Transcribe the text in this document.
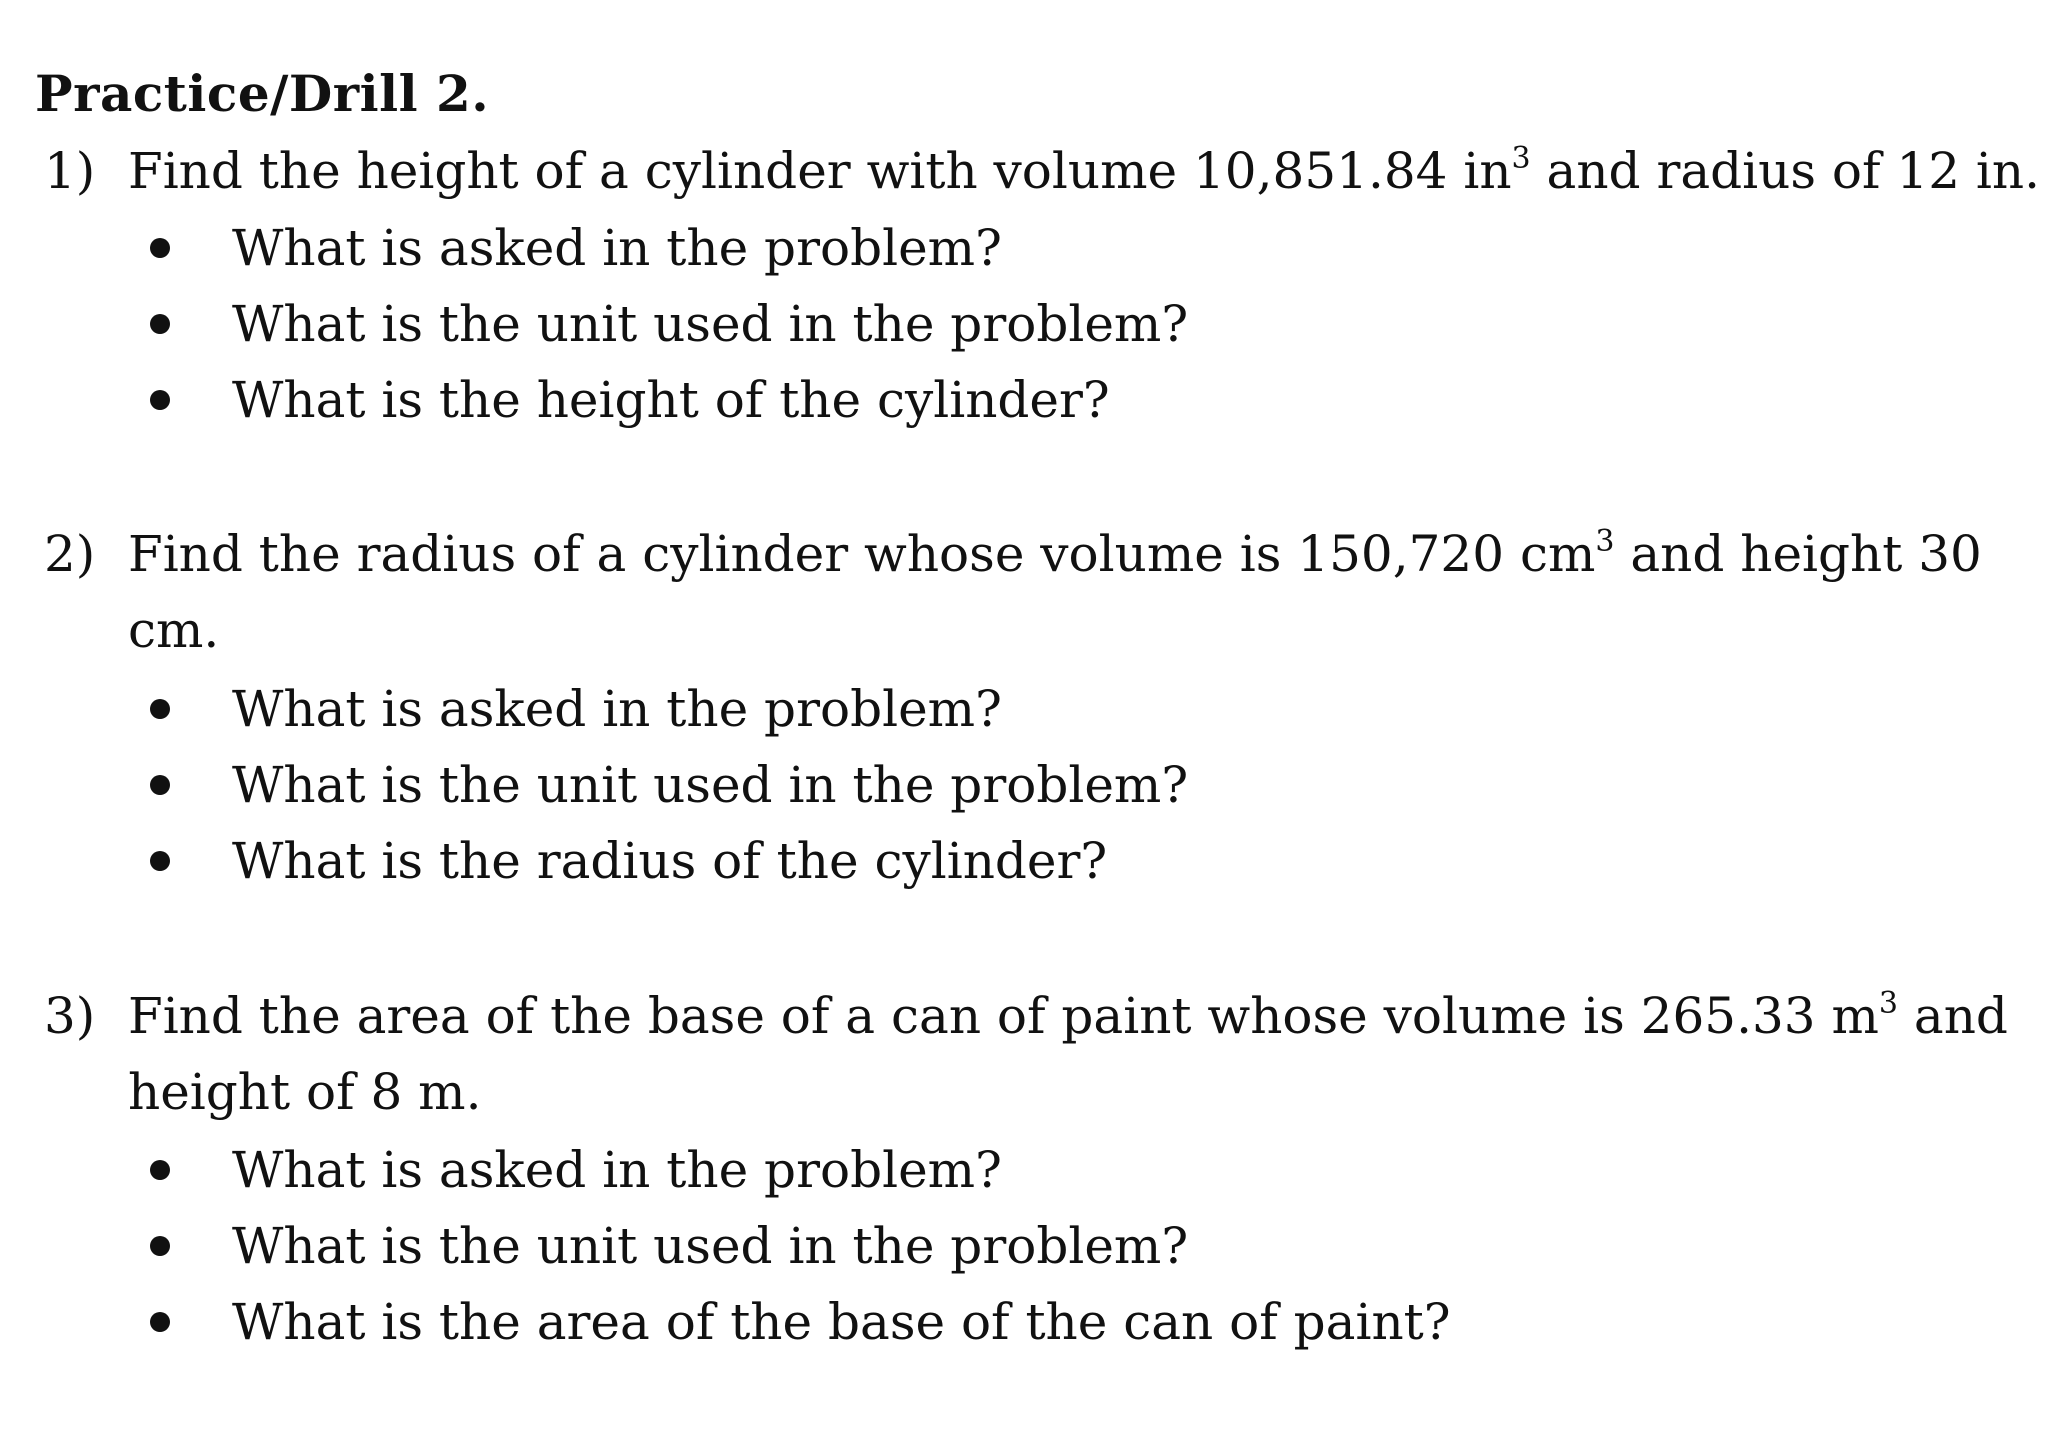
Practice/Drill 2.
1) Find the height of a cylinder with volume 10,851.84 $in^3$ and radius of 12 in.
What is asked in the problem?
What is the unit used in the problem?
What is the height of the cylinder?
2) Find the radius of a cylinder whose volume is 150,720 $cm^3$ and height 30
cm.
What is asked in the problem?
What is the unit used in the problem?
What is the radius of the cylinder?
3) Find the area of the base of a can of paint whose volume is 265.33 $m^3$ and
height of 8 m.
What is asked in the problem?
What is the unit used in the problem?
What is the area of the base of the can of paint?
